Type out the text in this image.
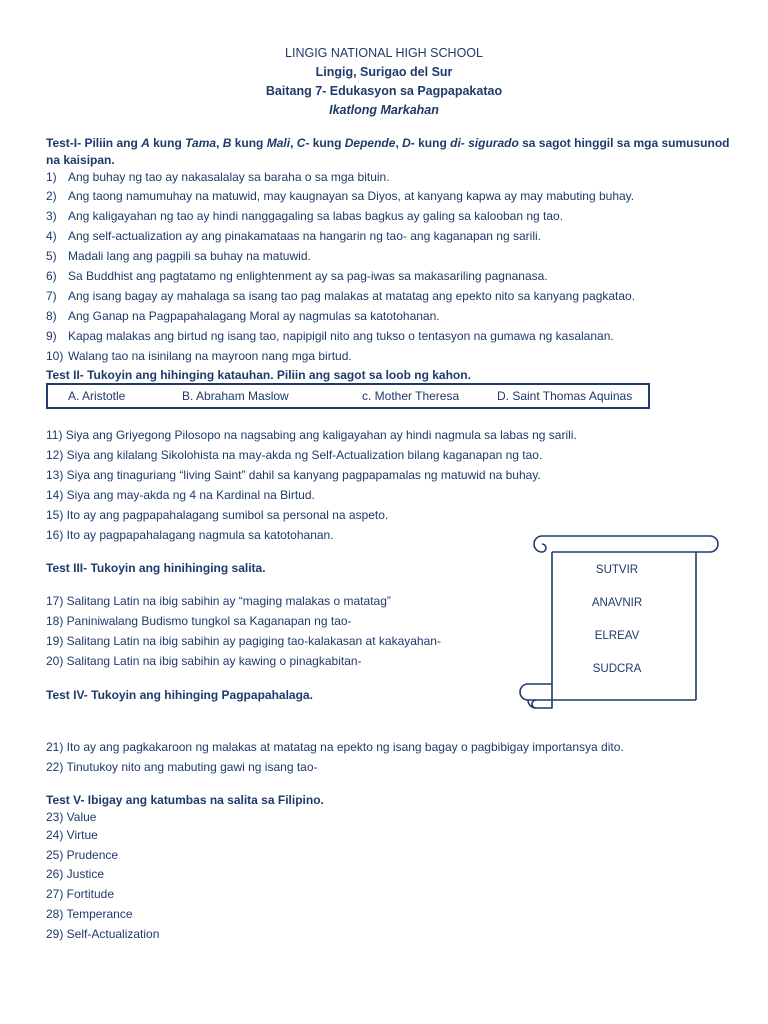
LINGIG NATIONAL HIGH SCHOOL
Lingig, Surigao del Sur
Baitang 7- Edukasyon sa Pagpapakatao
Ikatlong Markahan
Test-I- Piliin ang A kung Tama, B kung Mali, C- kung Depende, D- kung di- sigurado sa sagot hinggil sa mga sumusunod
na kaisipan.
1) Ang buhay ng tao ay nakasalalay sa baraha o sa mga bituin.
2) Ang taong namumuhay na matuwid, may kaugnayan sa Diyos, at kanyang kapwa ay may mabuting buhay.
3) Ang kaligayahan ng tao ay hindi nanggagaling sa labas bagkus ay galing sa kalooban ng tao.
4) Ang self-actualization ay ang pinakamataas na hangarin ng tao- ang kaganapan ng sarili.
5) Madali lang ang pagpili sa buhay na matuwid.
6) Sa Buddhist ang pagtatamo ng enlightenment ay sa pag-iwas sa makasariling pagnanasa.
7) Ang isang bagay ay mahalaga sa isang tao pag malakas at matatag ang epekto nito sa kanyang pagkatao.
8) Ang Ganap na Pagpapahalagang Moral ay nagmulas sa katotohanan.
9) Kapag malakas ang birtud ng isang tao, napipigil nito ang tukso o tentasyon na gumawa ng kasalanan.
10) Walang tao na isinilang na mayroon nang mga birtud.
Test II- Tukoyin ang hihinging katauhan. Piliin ang sagot sa loob ng kahon.
A. Aristotle	B. Abraham Maslow	c. Mother Theresa	D. Saint Thomas Aquinas
11) Siya ang Griyegong Pilosopo na nagsabing ang kaligayahan ay hindi nagmula sa labas ng sarili.
12) Siya ang kilalang Sikolohista na may-akda ng Self-Actualization bilang kaganapan ng tao.
13) Siya ang tinaguriang “living Saint” dahil sa kanyang pagpapamalas ng matuwid na buhay.
14) Siya ang may-akda ng 4 na Kardinal na Birtud.
15) Ito ay ang pagpapahalagang sumibol sa personal na aspeto.
16) Ito ay pagpapahalagang nagmula sa katotohanan.
Test III- Tukoyin ang hinihinging salita.
17) Salitang Latin na ibig sabihin ay “maging malakas o matatag”
18) Paniniwalang Budismo tungkol sa Kaganapan ng tao-
19) Salitang Latin na ibig sabihin ay pagiging tao-kalakasan at kakayahan-
20) Salitang Latin na ibig sabihin ay kawing o pinagkabitan-
SUTVIR
ANAVNIR
ELREAV
SUDCRA
Test IV- Tukoyin ang hihinging Pagpapahalaga.
21) Ito ay ang pagkakaroon ng malakas at matatag na epekto ng isang bagay o pagbibigay importansya dito.
22) Tinutukoy nito ang mabuting gawi ng isang tao-
Test V- Ibigay ang katumbas na salita sa Filipino.
23) Value
24) Virtue
25) Prudence
26) Justice
27) Fortitude
28) Temperance
29) Self-Actualization
